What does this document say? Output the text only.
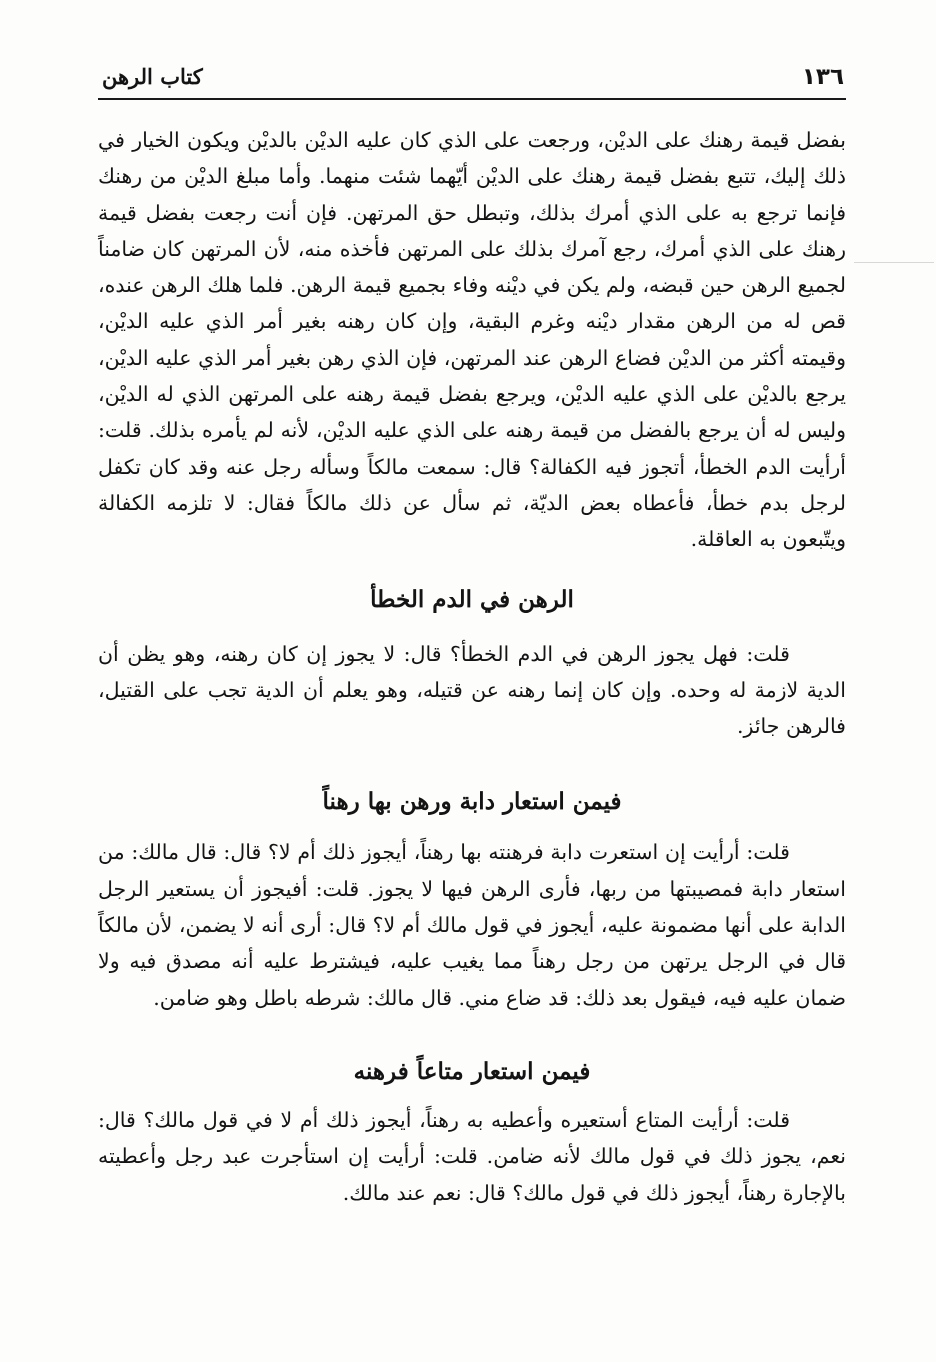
١٣٦
كتاب الرهن

بفضل قيمة رهنك على الديْن، ورجعت على الذي كان عليه الديْن بالديْن ويكون الخيار في ذلك إليك، تتبع بفضل قيمة رهنك على الديْن أيّهما شئت منهما. وأما مبلغ الديْن من رهنك فإنما ترجع به على الذي أمرك بذلك، وتبطل حق المرتهن. فإن أنت رجعت بفضل قيمة رهنك على الذي أمرك، رجع آمرك بذلك على المرتهن فأخذه منه، لأن المرتهن كان ضامناً لجميع الرهن حين قبضه، ولم يكن في ديْنه وفاء بجميع قيمة الرهن. فلما هلك الرهن عنده، قص له من الرهن مقدار ديْنه وغرم البقية، وإن كان رهنه بغير أمر الذي عليه الديْن، وقيمته أكثر من الديْن فضاع الرهن عند المرتهن، فإن الذي رهن بغير أمر الذي عليه الديْن، يرجع بالديْن على الذي عليه الديْن، ويرجع بفضل قيمة رهنه على المرتهن الذي له الديْن، وليس له أن يرجع بالفضل من قيمة رهنه على الذي عليه الديْن، لأنه لم يأمره بذلك. قلت: أرأيت الدم الخطأ، أتجوز فيه الكفالة؟ قال: سمعت مالكاً وسأله رجل عنه وقد كان تكفل لرجل بدم خطأ، فأعطاه بعض الديّة، ثم سأل عن ذلك مالكاً فقال: لا تلزمه الكفالة ويتّبعون به العاقلة.

الرهن في الدم الخطأ

قلت: فهل يجوز الرهن في الدم الخطأ؟ قال: لا يجوز إن كان رهنه، وهو يظن أن الدية لازمة له وحده. وإن كان إنما رهنه عن قتيله، وهو يعلم أن الدية تجب على القتيل، فالرهن جائز.

فيمن استعار دابة ورهن بها رهناً

قلت: أرأيت إن استعرت دابة فرهنته بها رهناً، أيجوز ذلك أم لا؟ قال: قال مالك: من استعار دابة فمصيبتها من ربها، فأرى الرهن فيها لا يجوز. قلت: أفيجوز أن يستعير الرجل الدابة على أنها مضمونة عليه، أيجوز في قول مالك أم لا؟ قال: أرى أنه لا يضمن، لأن مالكاً قال في الرجل يرتهن من رجل رهناً مما يغيب عليه، فيشترط عليه أنه مصدق فيه ولا ضمان عليه فيه، فيقول بعد ذلك: قد ضاع مني. قال مالك: شرطه باطل وهو ضامن.

فيمن استعار متاعاً فرهنه

قلت: أرأيت المتاع أستعيره وأعطيه به رهناً، أيجوز ذلك أم لا في قول مالك؟ قال: نعم، يجوز ذلك في قول مالك لأنه ضامن. قلت: أرأيت إن استأجرت عبد رجل وأعطيته بالإجارة رهناً، أيجوز ذلك في قول مالك؟ قال: نعم عند مالك.
